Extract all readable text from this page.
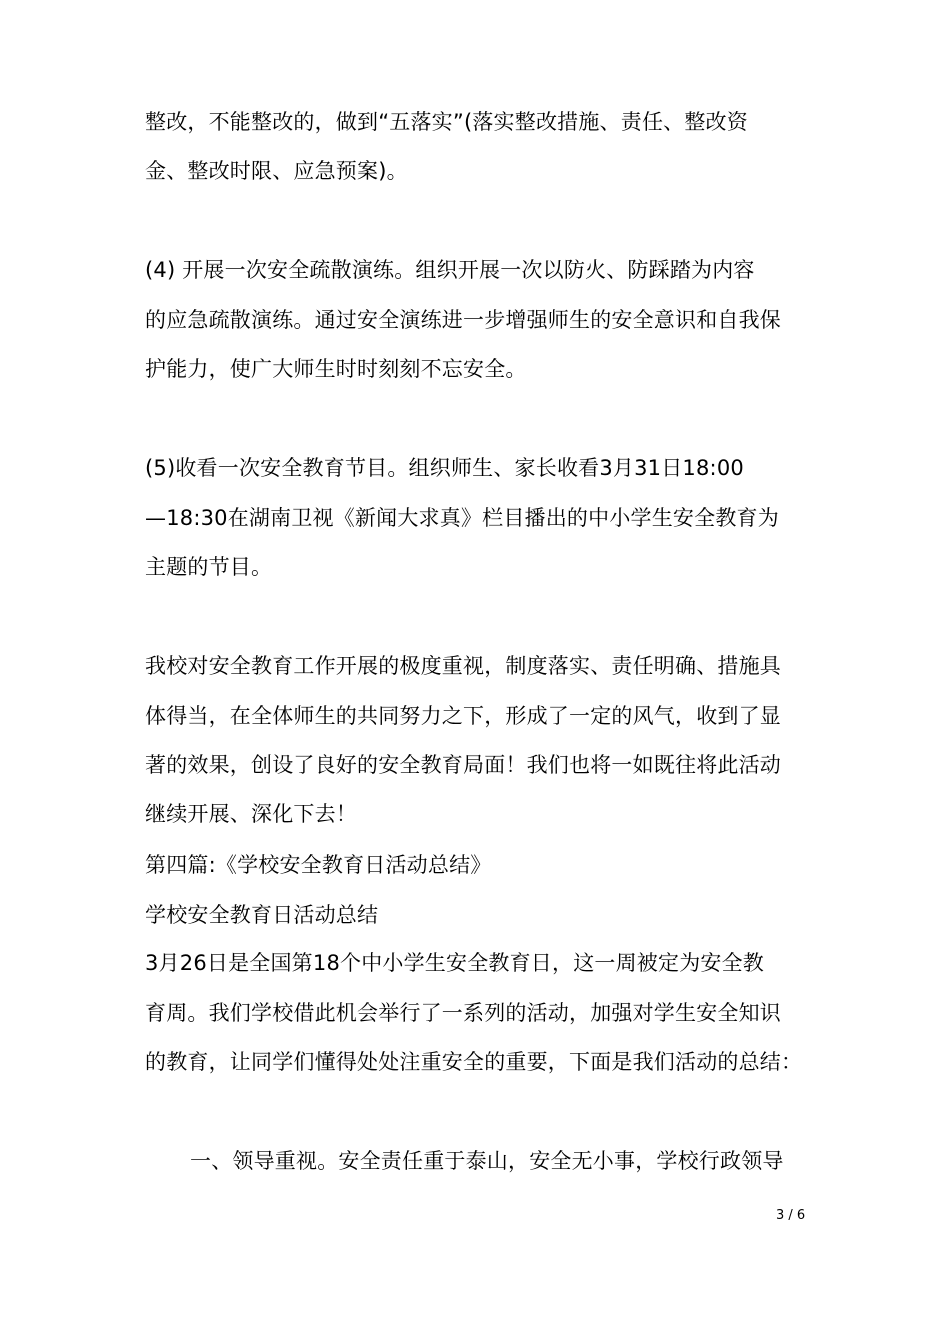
整改，不能整改的，做到“五落实”(落实整改措施、责任、整改资
金、整改时限、应急预案)。
(4) 开展一次安全疏散演练。组织开展一次以防火、防踩踏为内容
的应急疏散演练。通过安全演练进一步增强师生的安全意识和自我保
护能力，使广大师生时时刻刻不忘安全。
(5)收看一次安全教育节目。组织师生、家长收看3月31日18:00
—18:30在湖南卫视《新闻大求真》栏目播出的中小学生安全教育为
主题的节目。
我校对安全教育工作开展的极度重视，制度落实、责任明确、措施具
体得当，在全体师生的共同努力之下，形成了一定的风气，收到了显
著的效果，创设了良好的安全教育局面！我们也将一如既往将此活动
继续开展、深化下去！
第四篇:《学校安全教育日活动总结》
学校安全教育日活动总结
3月26日是全国第18个中小学生安全教育日，这一周被定为安全教
育周。我们学校借此机会举行了一系列的活动，加强对学生安全知识
的教育，让同学们懂得处处注重安全的重要，下面是我们活动的总结：
一、领导重视。安全责任重于泰山，安全无小事，学校行政领导
3 / 6
